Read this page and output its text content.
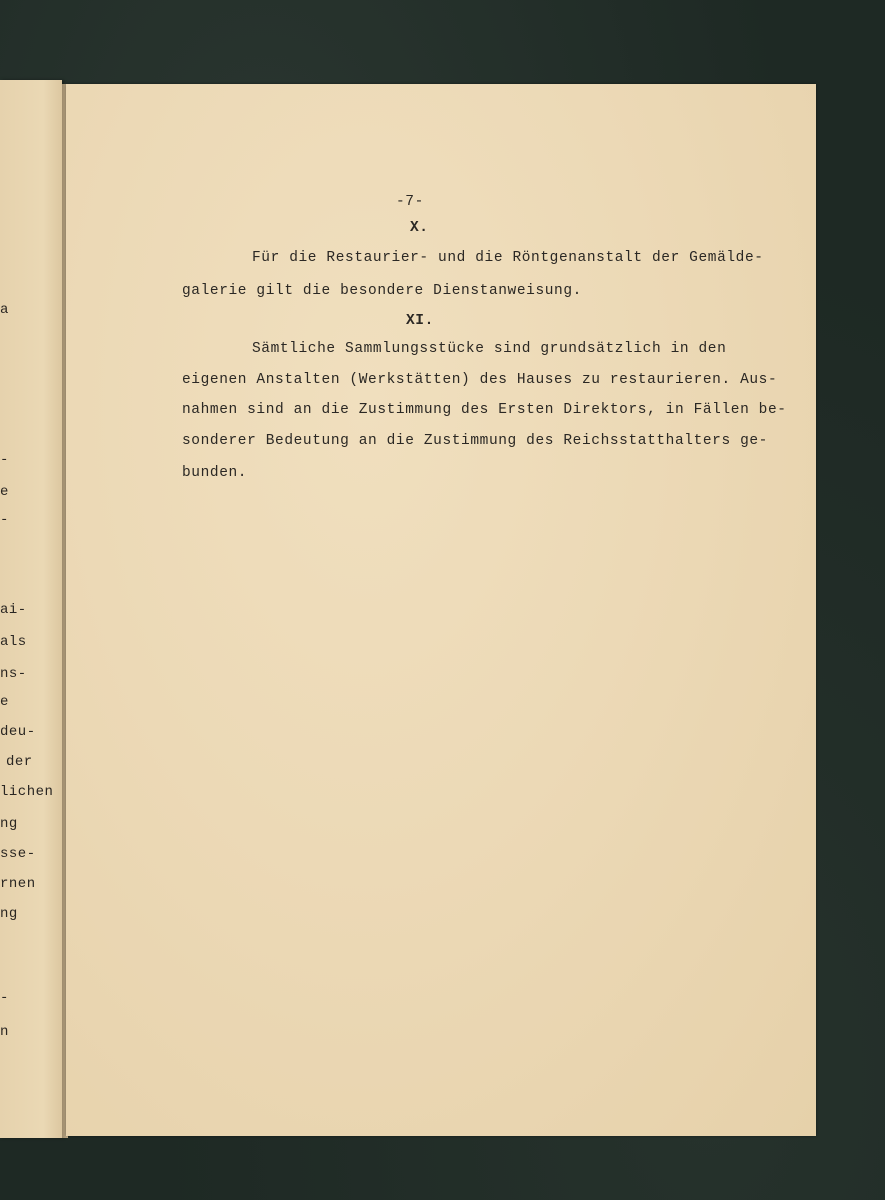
a
-
e
-
ai-
als
ns-
e
deu-
der
lichen
ng
sse-
rnen
ng
-
n
-7-
X.
Für die Restaurier- und die Röntgenanstalt der Gemälde-
galerie gilt die besondere Dienstanweisung.
XI.
Sämtliche Sammlungsstücke sind grundsätzlich in den
eigenen Anstalten (Werkstätten) des Hauses zu restaurieren. Aus-
nahmen sind an die Zustimmung des Ersten Direktors, in Fällen be-
sonderer Bedeutung an die Zustimmung des Reichsstatthalters ge-
bunden.
